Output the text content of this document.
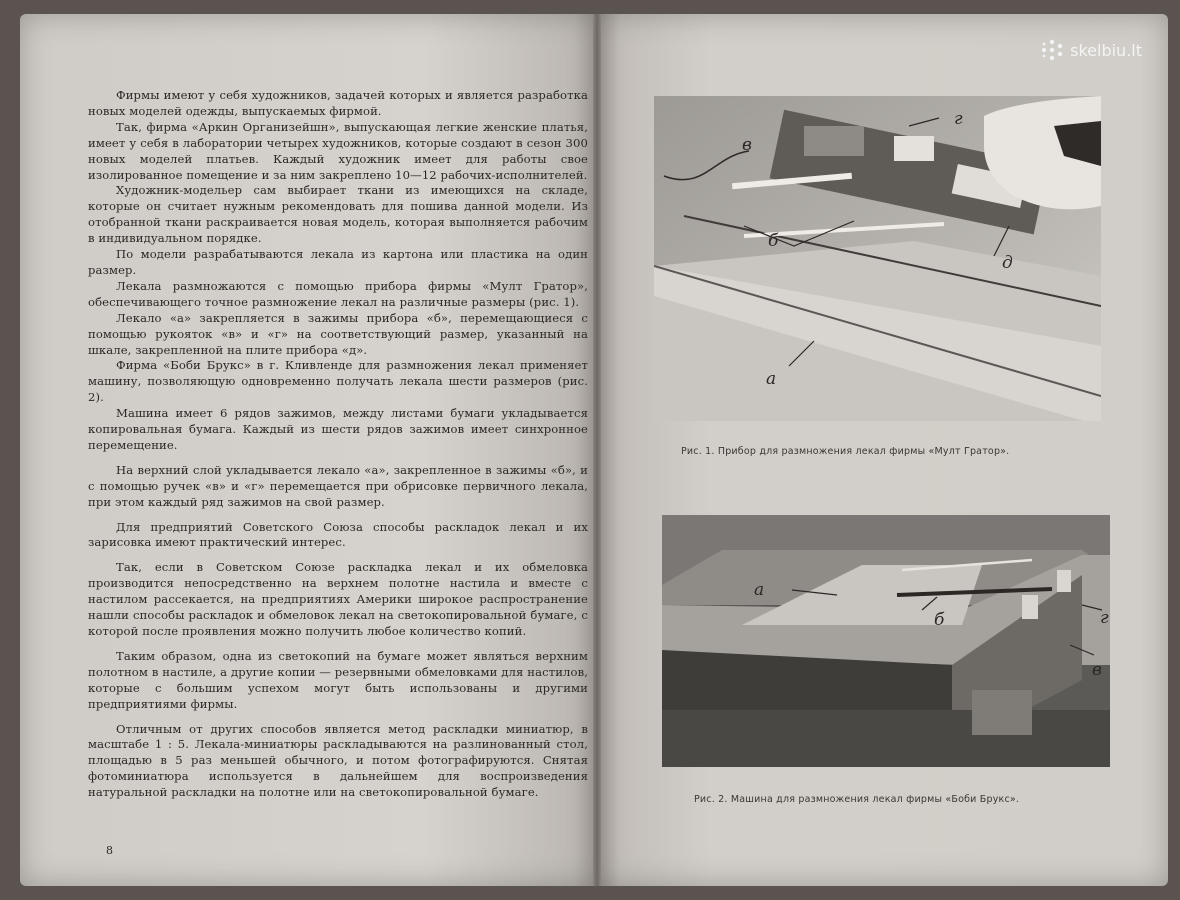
Фирмы имеют у себя художников, задачей которых и является разработка новых моделей одежды, выпускаемых фирмой.

Так, фирма «Аркин Организейшн», выпускающая легкие женские платья, имеет у себя в лаборатории четырех художников, которые создают в сезон 300 новых моделей платьев. Каждый художник имеет для работы свое изолированное помещение и за ним закреплено 10—12 рабочих-исполнителей.

Художник-модельер сам выбирает ткани из имеющихся на складе, которые он считает нужным рекомендовать для пошива данной модели. Из отобранной ткани раскраивается новая модель, которая выполняется рабочим в индивидуальном порядке.

По модели разрабатываются лекала из картона или пластика на один размер.

Лекала размножаются с помощью прибора фирмы «Мулт Гратор», обеспечивающего точное размножение лекал на различные размеры (рис. 1).

Лекало «а» закрепляется в зажимы прибора «б», перемещающиеся с помощью рукояток «в» и «г» на соответствующий размер, указанный на шкале, закрепленной на плите прибора «д».

Фирма «Боби Брукс» в г. Кливленде для размножения лекал применяет машину, позволяющую одновременно получать лекала шести размеров (рис. 2).

Машина имеет 6 рядов зажимов, между листами бумаги укладывается копировальная бумага. Каждый из шести рядов зажимов имеет синхронное перемещение.

На верхний слой укладывается лекало «а», закрепленное в зажимы «б», и с помощью ручек «в» и «г» перемещается при обрисовке первичного лекала, при этом каждый ряд зажимов на свой размер.

Для предприятий Советского Союза способы раскладок лекал и их зарисовка имеют практический интерес.

Так, если в Советском Союзе раскладка лекал и их обмеловка производится непосредственно на верхнем полотне настила и вместе с настилом рассекается, на предприятиях Америки широкое распространение нашли способы раскладок и обмеловок лекал на светокопировальной бумаге, с которой после проявления можно получить любое количество копий.

Таким образом, одна из светокопий на бумаге может являться верхним полотном в настиле, а другие копии — резервными обмеловками для настилов, которые с большим успехом могут быть использованы и другими предприятиями фирмы.

Отличным от других способов является метод раскладки миниатюр, в масштабе 1 : 5. Лекала-миниатюры раскладываются на разлинованный стол, площадью в 5 раз меньшей обычного, и потом фотографируются. Снятая фотоминиатюра используется в дальнейшем для воспроизведения натуральной раскладки на полотне или на светокопировальной бумаге.

8
skelbiu.lt
в
г
б
д
а
Рис. 1. Прибор для размножения лекал фирмы «Мулт Гратор».
а
б	г
в
Рис. 2. Машина для размножения лекал фирмы «Боби Брукс».
